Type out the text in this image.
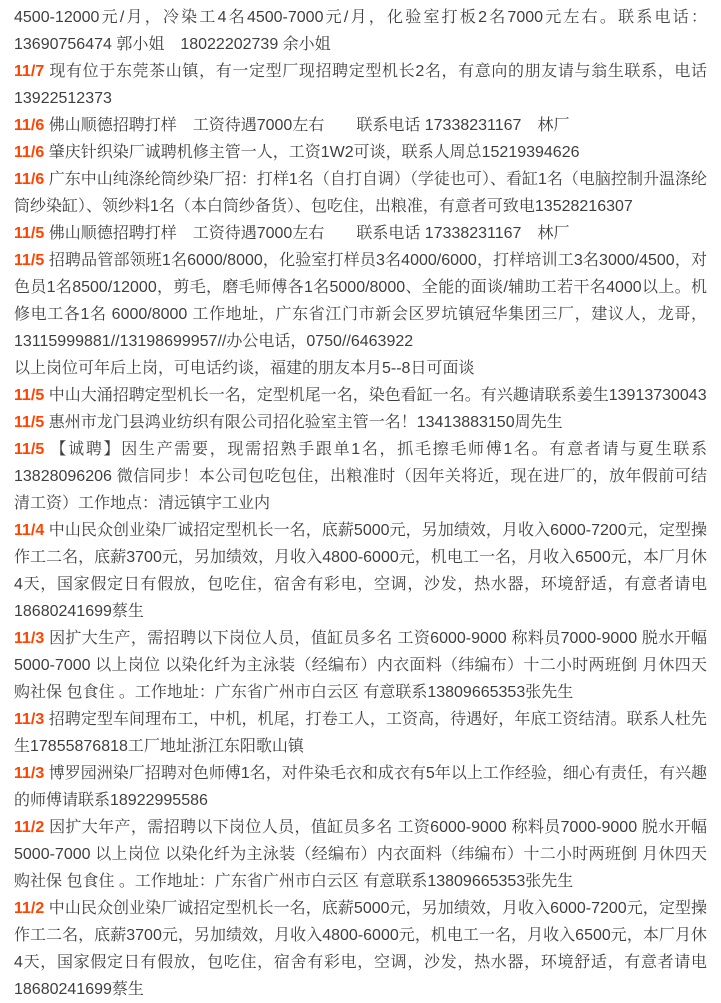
4500-12000元/月，冷染工4名4500-7000元/月，化验室打板2名7000元左右。联系电话：13690756474 郭小姐　18022202739 余小姐

11/7 现有位于东莞茶山镇，有一定型厂现招聘定型机长2名，有意向的朋友请与翁生联系，电话 13922512373

11/6 佛山顺德招聘打样　工资待遇7000左右　　联系电话 17338231167　林厂

11/6 肇庆针织染厂诚聘机修主管一人，工资1W2可谈，联系人周总15219394626

11/6 广东中山纯涤纶筒纱染厂招：打样1名（自打自调）（学徒也可）、看缸1名（电脑控制升温涤纶筒纱染缸）、领纱料1名（本白筒纱备货）、包吃住，出粮准，有意者可致电13528216307

11/5 佛山顺德招聘打样　工资待遇7000左右　　联系电话 17338231167　林厂

11/5 招聘品管部领班1名6000/8000，化验室打样员3名4000/6000，打样培训工3名3000/4500，对色员1名8500/12000，剪毛，磨毛师傅各1名5000/8000、全能的面谈/辅助工若干名4000以上。机修电工各1名 6000/8000 工作地址，广东省江门市新会区罗坑镇冠华集团三厂，建议人，龙哥，13115999881//13198699957//办公电话，0750//6463922

以上岗位可年后上岗，可电话约谈，福建的朋友本月5--8日可面谈

11/5 中山大涌招聘定型机长一名，定型机尾一名，染色看缸一名。有兴趣请联系姜生13913730043

11/5 惠州市龙门县鸿业纺织有限公司招化验室主管一名！13413883150周先生

11/5 【诚聘】因生产需要，现需招熟手跟单1名，抓毛擦毛师傅1名。有意者请与夏生联系13828096206 微信同步！本公司包吃包住，出粮准时（因年关将近，现在进厂的，放年假前可结清工资）工作地点：清远镇宇工业内

11/4 中山民众创业染厂诚招定型机长一名，底薪5000元，另加绩效，月收入6000-7200元，定型操作工二名，底薪3700元，另加绩效，月收入4800-6000元，机电工一名，月收入6500元，本厂月休4天，国家假定日有假放，包吃住，宿舍有彩电，空调，沙发，热水器，环境舒适，有意者请电18680241699蔡生

11/3 因扩大生产，需招聘以下岗位人员，值缸员多名 工资6000-9000 称料员7000-9000 脱水开幅5000-7000 以上岗位 以染化纤为主泳装（经编布）内衣面料（纬编布）十二小时两班倒 月休四天 购社保 包食住 。工作地址：广东省广州市白云区 有意联系13809665353张先生

11/3 招聘定型车间理布工，中机，机尾，打卷工人，工资高，待遇好，年底工资结清。联系人杜先生17855876818工厂地址浙江东阳歌山镇

11/3 博罗园洲染厂招聘对色师傅1名，对件染毛衣和成衣有5年以上工作经验，细心有责任，有兴趣的师傅请联系18922995586

11/2 因扩大年产，需招聘以下岗位人员，值缸员多名 工资6000-9000 称料员7000-9000 脱水开幅5000-7000 以上岗位 以染化纤为主泳装（经编布）内衣面料（纬编布）十二小时两班倒 月休四天 购社保 包食住 。工作地址：广东省广州市白云区 有意联系13809665353张先生

11/2 中山民众创业染厂诚招定型机长一名，底薪5000元，另加绩效，月收入6000-7200元，定型操作工二名，底薪3700元，另加绩效，月收入4800-6000元，机电工一名，月收入6500元，本厂月休4天，国家假定日有假放，包吃住，宿舍有彩电，空调，沙发，热水器，环境舒适，有意者请电18680241699蔡生
